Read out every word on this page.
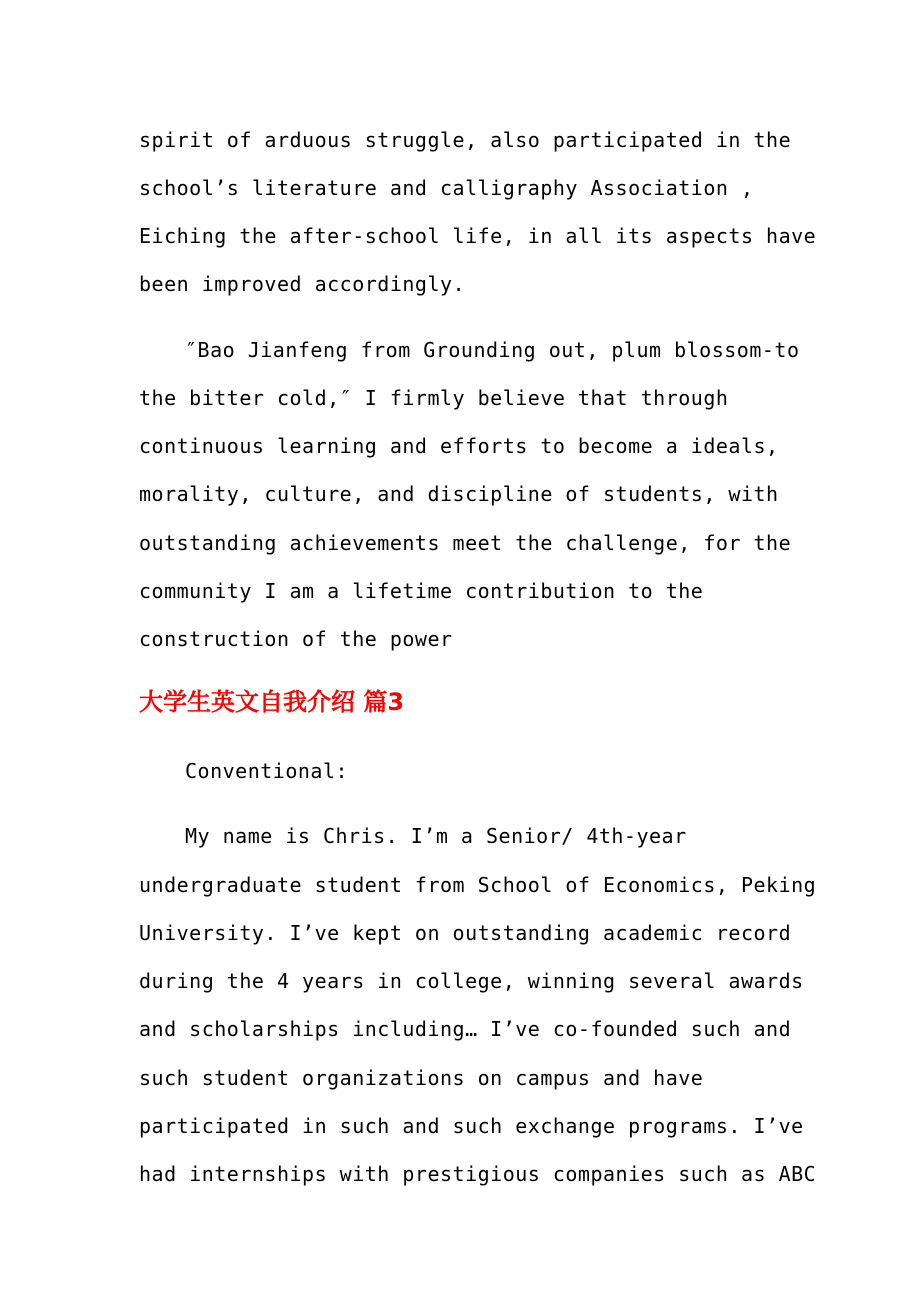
spirit of arduous struggle, also participated in the
school’s literature and calligraphy Association ,
Eiching the after-school life, in all its aspects have
been improved accordingly.
″Bao Jianfeng from Grounding out, plum blossom-to
the bitter cold,″ I firmly believe that through
continuous learning and efforts to become a ideals,
morality, culture, and discipline of students, with
outstanding achievements meet the challenge, for the
community I am a lifetime contribution to the
construction of the power
大学生英文自我介绍 篇3
Conventional:
My name is Chris. I’m a Senior/ 4th-year
undergraduate student from School of Economics, Peking
University. I’ve kept on outstanding academic record
during the 4 years in college, winning several awards
and scholarships including… I’ve co-founded such and
such student organizations on campus and have
participated in such and such exchange programs. I’ve
had internships with prestigious companies such as ABC
